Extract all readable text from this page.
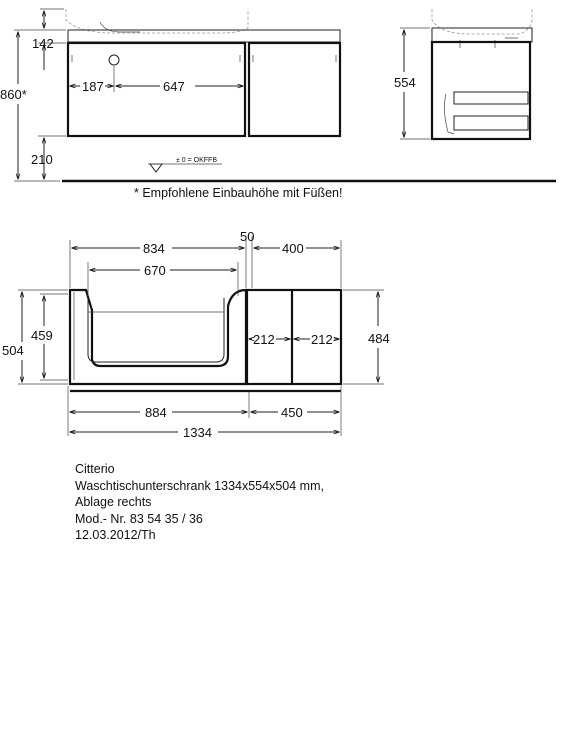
± 0 = OKFFB
142
860*
210
187	647	554
* Empfohlene Einbauhöhe mit Füßen!
834
50
400
670
504
459	212	212	484
884	450
1334
Citterio
Waschtischunterschrank 1334x554x504 mm,
Ablage rechts
Mod.- Nr. 83 54 35 / 36
12.03.2012/Th
